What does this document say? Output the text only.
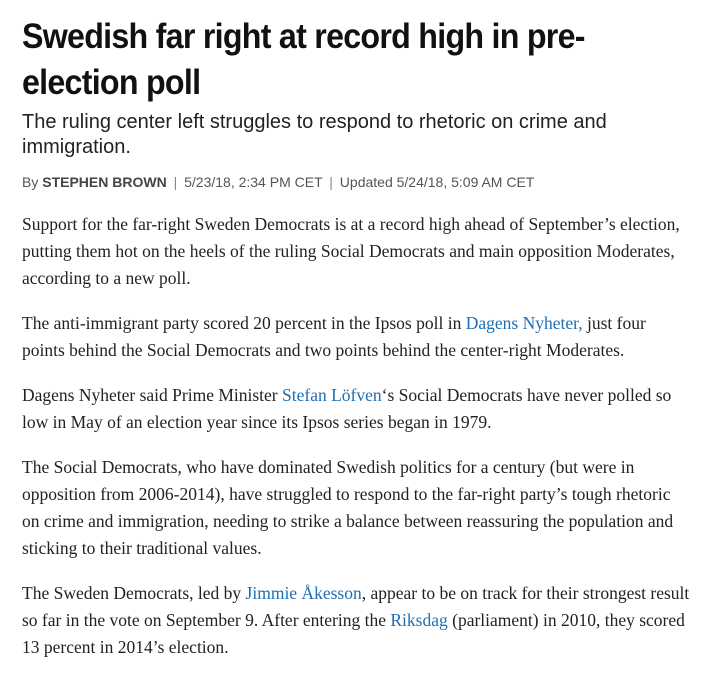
Swedish far right at record high in pre-election poll
The ruling center left struggles to respond to rhetoric on crime and immigration.
By STEPHEN BROWN | 5/23/18, 2:34 PM CET | Updated 5/24/18, 5:09 AM CET

Support for the far-right Sweden Democrats is at a record high ahead of September’s election, putting them hot on the heels of the ruling Social Democrats and main opposition Moderates, according to a new poll.

The anti-immigrant party scored 20 percent in the Ipsos poll in Dagens Nyheter, just four points behind the Social Democrats and two points behind the center-right Moderates.

Dagens Nyheter said Prime Minister Stefan Löfven‘s Social Democrats have never polled so low in May of an election year since its Ipsos series began in 1979.

The Social Democrats, who have dominated Swedish politics for a century (but were in opposition from 2006-2014), have struggled to respond to the far-right party’s tough rhetoric on crime and immigration, needing to strike a balance between reassuring the population and sticking to their traditional values.

The Sweden Democrats, led by Jimmie Åkesson, appear to be on track for their strongest result so far in the vote on September 9. After entering the Riksdag (parliament) in 2010, they scored 13 percent in 2014’s election.
